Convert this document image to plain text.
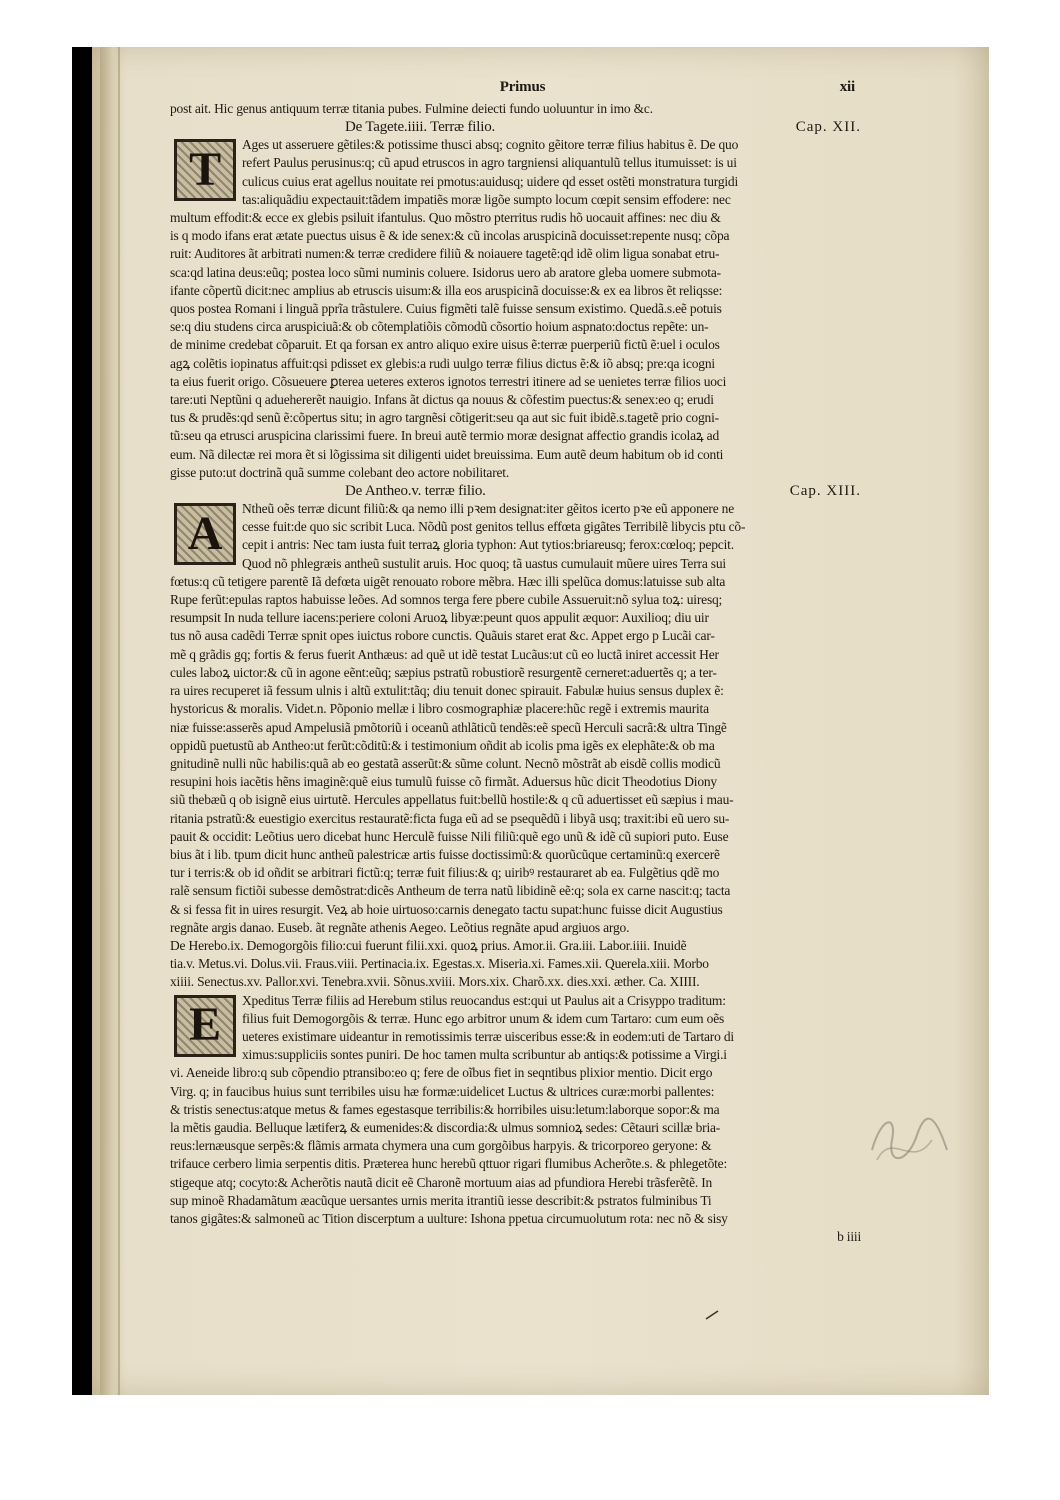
Primus	xii
post ait. Hic genus antiquum terræ titania pubes. Fulmine deiecti fundo uoluuntur in imo &c.
De Tagete.iiii. Terræ filio.	Cap. XII.
T	Ages ut asseruere gẽtiles:& potissime thusci absq; cognito gẽitore terræ filius habitus ẽ. De quo
refert Paulus perusinus:q; cũ apud etruscos in agro targniensi aliquantulũ tellus itumuisset: is ui
culicus cuius erat agellus nouitate rei pmotus:auidusq; uidere qd esset ostẽti monstratura turgidi
tas:aliquãdiu expectauit:tãdem impatiẽs moræ ligõe sumpto locum cœpit sensim effodere: nec
multum effodit:& ecce ex glebis psiluit ifantulus. Quo mõstro pterritus rudis hõ uocauit affines: nec diu &
is q modo ifans erat ætate puectus uisus ẽ & ide senex:& cũ incolas aruspicinã docuisset:repente nusq; cõpa
ruit: Auditores ãt arbitrati numen:& terræ credidere filiũ & noiauere tagetẽ:qd idẽ olim ligua sonabat etru-
sca:qd latina deus:eũq; postea loco sũmi numinis coluere. Isidorus uero ab aratore gleba uomere submota-
ifante cõpertũ dicit:nec amplius ab etruscis uisum:& illa eos aruspicinã docuisse:& ex ea libros ẽt reliqsse:
quos postea Romani i linguã pprĩa trãstulere. Cuius figmẽti talẽ fuisse sensum existimo. Quedã.s.eẽ potuis
se:q diu studens circa aruspiciuã:& ob cõtemplatiõis cõmodũ cõsortio hoium aspnato:doctus repẽte: un-
de minime credebat cõparuit. Et qa forsan ex antro aliquo exire uisus ẽ:terræ puerperiũ fictũ ẽ:uel i oculos
agꝝ colẽtis iopinatus affuit:qsi pdisset ex glebis:a rudi uulgo terræ filius dictus ẽ:& iõ absq; pre:qa icogni
ta eius fuerit origo. Cõsueuere ꝑterea ueteres exteros ignotos terrestri itinere ad se uenietes terræ filios uoci
tare:uti Neptũni q aduehererẽt nauigio. Infans ãt dictus qa nouus & cõfestim puectus:& senex:eo q; erudi
tus & prudẽs:qd senũ ẽ:cõpertus situ; in agro targnẽsi cõtigerit:seu qa aut sic fuit ibidẽ.s.tagetẽ prio cogni-
tũ:seu qa etrusci aruspicina clarissimi fuere. In breui autẽ termio moræ designat affectio grandis icolaꝝ ad
eum. Nã dilectæ rei mora ẽt si lõgissima sit diligenti uidet breuissima. Eum autẽ deum habitum ob id conti
gisse puto:ut doctrinã quã summe colebant deo actore nobilitaret.
De Antheo.v. terræ filio.	Cap. XIII.
A	Ntheũ oẽs terræ dicunt filiũ:& qa nemo illi pꝛem designat:iter gẽitos icerto pꝛe eũ apponere ne
cesse fuit:de quo sic scribit Luca. Nõdũ post genitos tellus effœta gigãtes Terribilẽ libycis ptu cõ-
cepit i antris: Nec tam iusta fuit terraꝝ gloria typhon: Aut tytios:briareusq; ferox:cœloq; pepcit.
Quod nõ phlegræis antheũ sustulit aruis. Hoc quoq; tã uastus cumulauit mũere uires Terra sui
fœtus:q cũ tetigere parentẽ Iã defœta uigẽt renouato robore mẽbra. Hæc illi spelũca domus:latuisse sub alta
Rupe ferũt:epulas raptos habuisse leões. Ad somnos terga fere pbere cubile Assueruit:nõ sylua toꝝ: uiresq;
resumpsit In nuda tellure iacens:periere coloni Aruoꝝ libyæ:peunt quos appulit æquor: Auxilioq; diu uir
tus nõ ausa cadẽdi Terræ spnit opes iuictus robore cunctis. Quãuis staret erat &c. Appet ergo p Lucãi car-
mẽ q grãdis gq; fortis & ferus fuerit Anthæus: ad quẽ ut idẽ testat Lucãus:ut cũ eo luctã iniret accessit Her
cules laboꝝ uictor:& cũ in agone eẽnt:eũq; sæpius pstratũ robustiorẽ resurgentẽ cerneret:aduertẽs q; a ter-
ra uires recuperet iã fessum ulnis i altũ extulit:tãq; diu tenuit donec spirauit. Fabulæ huius sensus duplex ẽ:
hystoricus & moralis. Videt.n. Põponio mellæ i libro cosmographiæ placere:hũc regẽ i extremis maurita
niæ fuisse:asserẽs apud Ampelusiã pmõtoriũ i oceanũ athlãticũ tendẽs:eẽ specũ Herculi sacrã:& ultra Tingẽ
oppidũ puetustũ ab Antheo:ut ferũt:cõditũ:& i testimonium oñdit ab icolis pma igẽs ex elephãte:& ob ma
gnitudinẽ nulli nũc habilis:quã ab eo gestatã asserũt:& sũme colunt. Necnõ mõstrãt ab eisdẽ collis modicũ
resupini hois iacẽtis hẽns imaginẽ:quẽ eius tumulũ fuisse cõ firmãt. Aduersus hũc dicit Theodotius Diony
siũ thebæũ q ob isignẽ eius uirtutẽ. Hercules appellatus fuit:bellũ hostile:& q cũ aduertisset eũ sæpius i mau-
ritania pstratũ:& euestigio exercitus restauratẽ:ficta fuga eũ ad se psequẽdũ i libyã usq; traxit:ibi eũ uero su-
pauit & occidit: Leõtius uero dicebat hunc Herculẽ fuisse Nili filiũ:quẽ ego unũ & idẽ cũ supiori puto. Euse
bius ãt i lib. tpum dicit hunc antheũ palestricæ artis fuisse doctissimũ:& quorũcũque certaminũ:q exercerẽ
tur i terris:& ob id oñdit se arbitrari fictũ:q; terræ fuit filius:& q; uiribꝰ restauraret ab ea. Fulgẽtius qdẽ mo
ralẽ sensum fictiõi subesse demõstrat:dicẽs Antheum de terra natũ libidinẽ eẽ:q; sola ex carne nascit:q; tacta
& si fessa fit in uires resurgit. Veꝝ ab hoie uirtuoso:carnis denegato tactu supat:hunc fuisse dicit Augustius
regnãte argis danao. Euseb. ãt regnãte athenis Aegeo. Leõtius regnãte apud argiuos argo.
De Herebo.ix. Demogorgõis filio:cui fuerunt filii.xxi. quoꝝ prius. Amor.ii. Gra.iii. Labor.iiii. Inuidẽ
tia.v. Metus.vi. Dolus.vii. Fraus.viii. Pertinacia.ix. Egestas.x. Miseria.xi. Fames.xii. Querela.xiii. Morbo
xiiii. Senectus.xv. Pallor.xvi. Tenebra.xvii. Sõnus.xviii. Mors.xix. Charõ.xx. dies.xxi. æther. Ca. XIIII.
E	Xpeditus Terræ filiis ad Herebum stilus reuocandus est:qui ut Paulus ait a Crisyppo traditum:
filius fuit Demogorgõis & terræ. Hunc ego arbitror unum & idem cum Tartaro: cum eum oẽs
ueteres existimare uideantur in remotissimis terræ uisceribus esse:& in eodem:uti de Tartaro di
ximus:suppliciis sontes puniri. De hoc tamen multa scribuntur ab antiqs:& potissime a Virgi.i
vi. Aeneide libro:q sub cõpendio ptransibo:eo q; fere de oĩbus fiet in seqntibus plixior mentio. Dicit ergo
Virg. q; in faucibus huius sunt terribiles uisu hæ formæ:uidelicet Luctus & ultrices curæ:morbi pallentes:
& tristis senectus:atque metus & fames egestasque terribilis:& horribiles uisu:letum:laborque sopor:& ma
la mẽtis gaudia. Belluque lætiferꝝ & eumenides:& discordia:& ulmus somnioꝝ sedes: Cẽtauri scillæ bria-
reus:lernæusque serpẽs:& flãmis armata chymera una cum gorgõibus harpyis. & tricorporeo geryone: &
trifauce cerbero limia serpentis ditis. Præterea hunc herebũ qttuor rigari flumibus Acherõte.s. & phlegetõte:
stigeque atq; cocyto:& Acherõtis nautã dicit eẽ Charonẽ mortuum aias ad pfundiora Herebi trãsferẽtẽ. In
sup minoẽ Rhadamãtum æacũque uersantes urnis merita itrantiũ iesse describit:& pstratos fulminibus Ti
tanos gigãtes:& salmoneũ ac Tition discerptum a uulture: Ishona ppetua circumuolutum rota: nec nõ & sisy
b iiii
